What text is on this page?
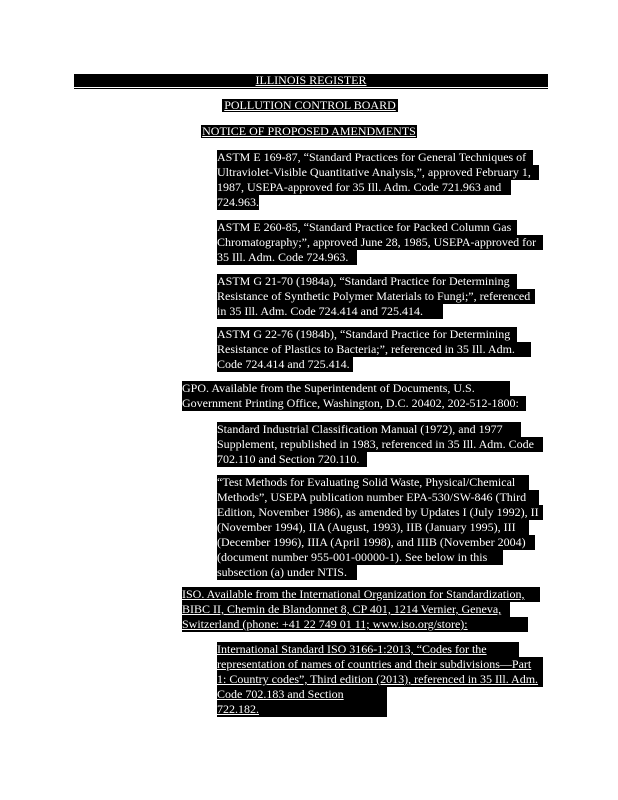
ILLINOIS REGISTER
POLLUTION CONTROL BOARD
NOTICE OF PROPOSED AMENDMENTS
ASTM E 169-87, “Standard Practices for General Techniques of
Ultraviolet-Visible Quantitative Analysis,”, approved February 1,
1987, USEPA-approved for 35 Ill. Adm. Code 721.963 and
724.963.
ASTM E 260-85, “Standard Practice for Packed Column Gas
Chromatography;”, approved June 28, 1985, USEPA-approved for
35 Ill. Adm. Code 724.963.
ASTM G 21-70 (1984a), “Standard Practice for Determining
Resistance of Synthetic Polymer Materials to Fungi;”, referenced
in 35 Ill. Adm. Code 724.414 and 725.414.
ASTM G 22-76 (1984b), “Standard Practice for Determining
Resistance of Plastics to Bacteria;”, referenced in 35 Ill. Adm.
Code 724.414 and 725.414.
GPO. Available from the Superintendent of Documents, U.S.
Government Printing Office, Washington, D.C. 20402, 202-512-1800:
Standard Industrial Classification Manual (1972), and 1977
Supplement, republished in 1983, referenced in 35 Ill. Adm. Code
702.110 and Section 720.110.
“Test Methods for Evaluating Solid Waste, Physical/Chemical
Methods”, USEPA publication number EPA-530/SW-846 (Third
Edition, November 1986), as amended by Updates I (July 1992), II
(November 1994), IIA (August, 1993), IIB (January 1995), III
(December 1996), IIIA (April 1998), and IIIB (November 2004)
(document number 955-001-00000-1). See below in this
subsection (a) under NTIS.
ISO. Available from the International Organization for Standardization,
BIBC II, Chemin de Blandonnet 8, CP 401, 1214 Vernier, Geneva,
Switzerland (phone: +41 22 749 01 11; www.iso.org/store):
International Standard ISO 3166-1:2013, “Codes for the
representation of names of countries and their subdivisions—Part
1: Country codes”, Third edition (2013), referenced in 35 Ill. Adm.
Code 702.183 and Section 722.182.
